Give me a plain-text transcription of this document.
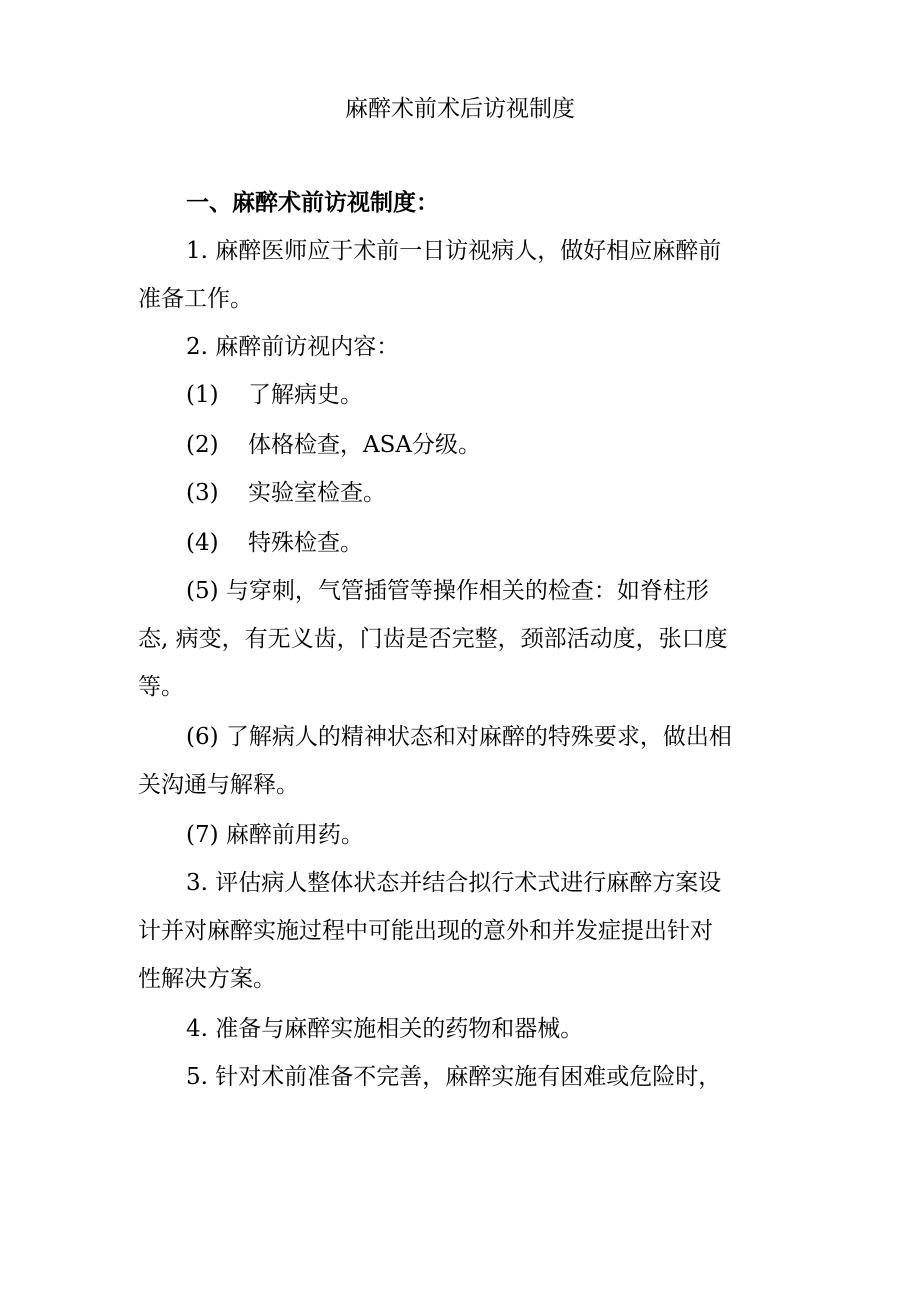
麻醉术前术后访视制度
一、麻醉术前访视制度：
1. 麻醉医师应于术前一日访视病人，做好相应麻醉前
准备工作。
2. 麻醉前访视内容：
(1) 了解病史。
(2) 体格检查，ASA分级。
(3) 实验室检查。
(4) 特殊检查。
(5) 与穿刺，气管插管等操作相关的检查：如脊柱形
态, 病变，有无义齿，门齿是否完整，颈部活动度，张口度
等。
(6) 了解病人的精神状态和对麻醉的特殊要求，做出相
关沟通与解释。
(7) 麻醉前用药。
3. 评估病人整体状态并结合拟行术式进行麻醉方案设
计并对麻醉实施过程中可能出现的意外和并发症提出针对
性解决方案。
4. 准备与麻醉实施相关的药物和器械。
5. 针对术前准备不完善，麻醉实施有困难或危险时，
